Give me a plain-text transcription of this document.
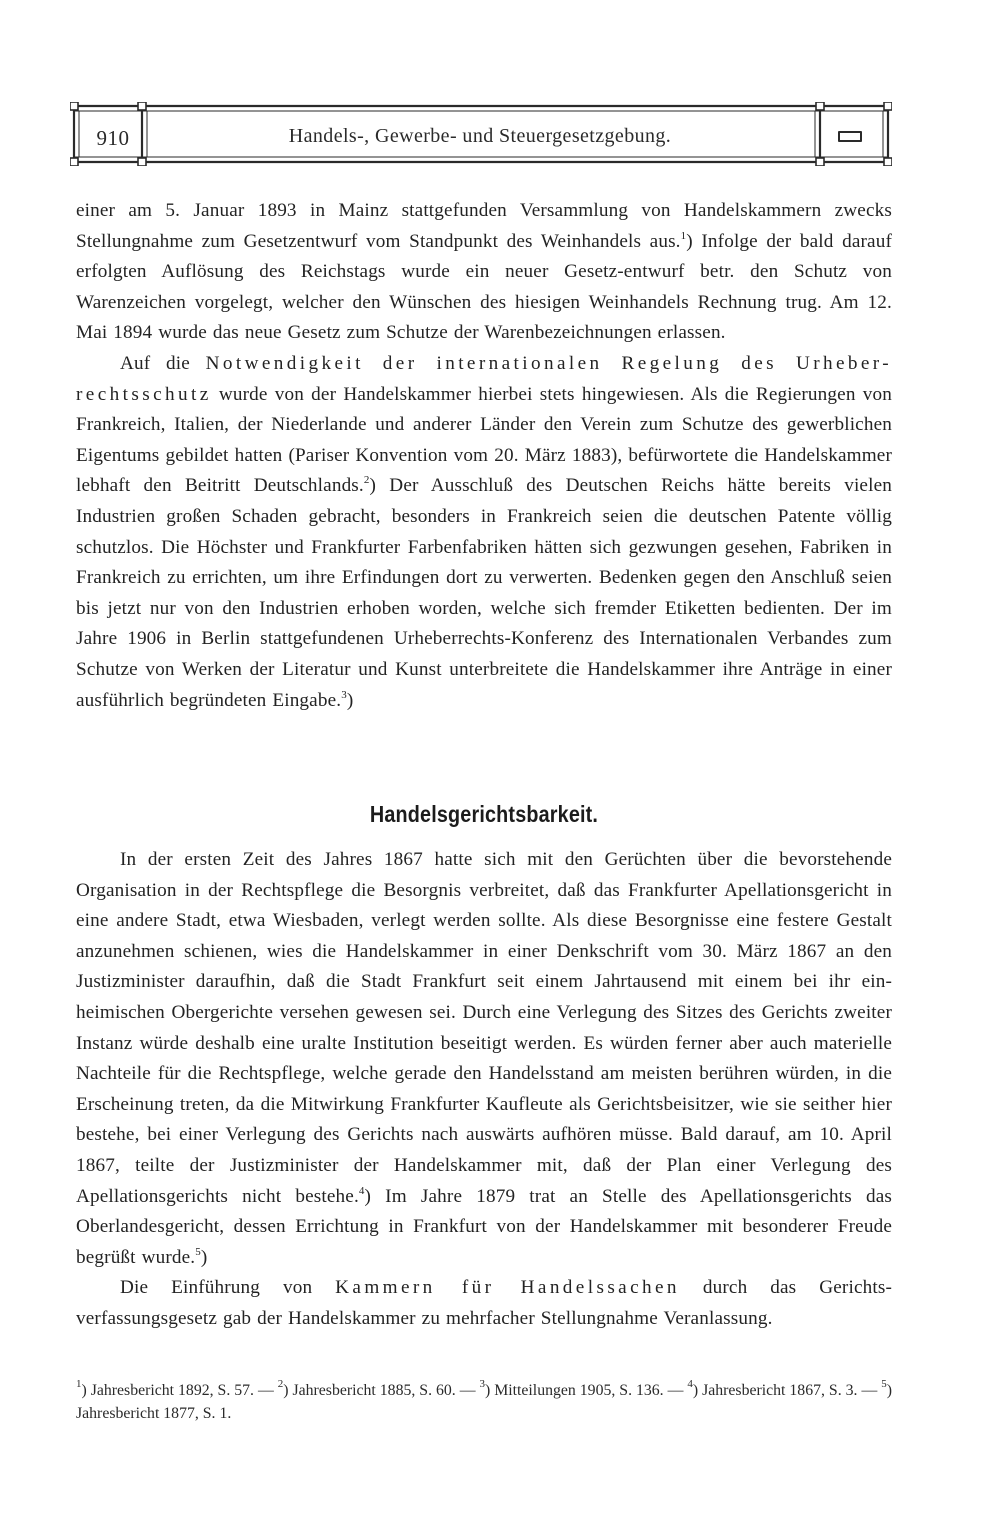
910	Handels-, Gewerbe- und Steuergesetzgebung.

einer am 5. Januar 1893 in Mainz stattgefunden Versammlung von Handelskammern zwecks Stellungnahme zum Gesetzentwurf vom Standpunkt des Weinhandels aus.$^1$) Infolge der bald darauf erfolgten Auflösung des Reichstags wurde ein neuer Gesetz-entwurf betr. den Schutz von Warenzeichen vorgelegt, welcher den Wünschen des hiesigen Weinhandels Rechnung trug. Am 12. Mai 1894 wurde das neue Gesetz zum Schutze der Warenbezeichnungen erlassen.

Auf die Notwendigkeit der internationalen Regelung des Urheber-rechtsschutz wurde von der Handelskammer hierbei stets hingewiesen. Als die Regierungen von Frankreich, Italien, der Niederlande und anderer Länder den Verein zum Schutze des gewerblichen Eigentums gebildet hatten (Pariser Konvention vom 20. März 1883), befürwortete die Handelskammer lebhaft den Beitritt Deutschlands.$^2$) Der Ausschluß des Deutschen Reichs hätte bereits vielen Industrien großen Schaden gebracht, besonders in Frankreich seien die deutschen Patente völlig schutzlos. Die Höchster und Frankfurter Farbenfabriken hätten sich gezwungen gesehen, Fabriken in Frankreich zu errichten, um ihre Erfindungen dort zu verwerten. Bedenken gegen den Anschluß seien bis jetzt nur von den Industrien erhoben worden, welche sich fremder Etiketten bedienten. Der im Jahre 1906 in Berlin stattgefundenen Urheberrechts-Konferenz des Internationalen Verbandes zum Schutze von Werken der Literatur und Kunst unterbreitete die Handelskammer ihre Anträge in einer ausführlich begründeten Eingabe.$^3$)

Handelsgerichtsbarkeit.

In der ersten Zeit des Jahres 1867 hatte sich mit den Gerüchten über die bevorstehende Organisation in der Rechtspflege die Besorgnis verbreitet, daß das Frankfurter Apellationsgericht in eine andere Stadt, etwa Wiesbaden, verlegt werden sollte. Als diese Besorgnisse eine festere Gestalt anzunehmen schienen, wies die Handelskammer in einer Denkschrift vom 30. März 1867 an den Justizminister daraufhin, daß die Stadt Frankfurt seit einem Jahrtausend mit einem bei ihr ein-heimischen Obergerichte versehen gewesen sei. Durch eine Verlegung des Sitzes des Gerichts zweiter Instanz würde deshalb eine uralte Institution beseitigt werden. Es würden ferner aber auch materielle Nachteile für die Rechtspflege, welche gerade den Handelsstand am meisten berühren würden, in die Erscheinung treten, da die Mitwirkung Frankfurter Kaufleute als Gerichtsbeisitzer, wie sie seither hier bestehe, bei einer Verlegung des Gerichts nach auswärts aufhören müsse. Bald darauf, am 10. April 1867, teilte der Justizminister der Handelskammer mit, daß der Plan einer Verlegung des Apellationsgerichts nicht bestehe.$^4$) Im Jahre 1879 trat an Stelle des Apellationsgerichts das Oberlandesgericht, dessen Errichtung in Frankfurt von der Handelskammer mit besonderer Freude begrüßt wurde.$^5$)

Die Einführung von Kammern für Handelssachen durch das Gerichts-verfassungsgesetz gab der Handelskammer zu mehrfacher Stellungnahme Veranlassung.

$^1$) Jahresbericht 1892, S. 57. — $^2$) Jahresbericht 1885, S. 60. — $^3$) Mitteilungen 1905, S. 136. — $^4$) Jahresbericht 1867, S. 3. — $^5$) Jahresbericht 1877, S. 1.
